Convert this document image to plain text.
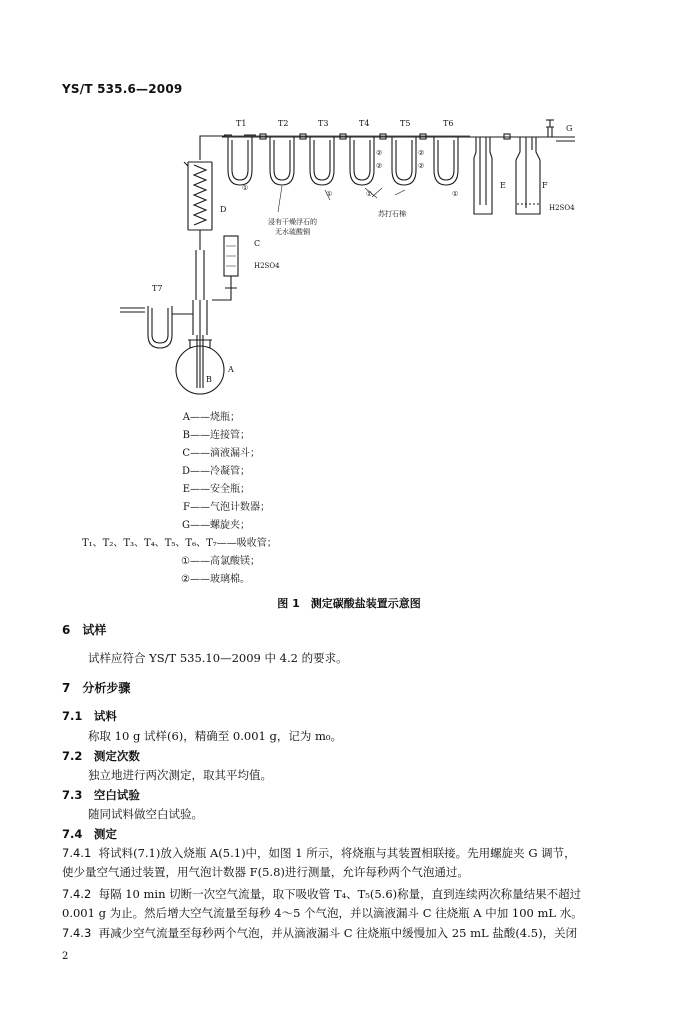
YS/T 535.6—2009
T1	T2	T3	T4	T5	T6
G
D
C
H2SO4
T7
A
B
E	F
H2SO4
浸有干燥浮石的
无水硫酸铜
苏打石棉
①
①	①	①
②
②
②
②
A——烧瓶；
B——连接管；
C——滴液漏斗；
D——冷凝管；
E——安全瓶；
F——气泡计数器；
G——螺旋夹；
T₁、T₂、T₃、T₄、T₅、T₆、T₇——吸收管；
①——高氯酸镁；
②——玻璃棉。
图 1　测定碳酸盐装置示意图
6　试样
试样应符合 YS/T 535.10—2009 中 4.2 的要求。
7　分析步骤
7.1　试料
称取 10 g 试样(6)，精确至 0.001 g，记为 m₀。
7.2　测定次数
独立地进行两次测定，取其平均值。
7.3　空白试验
随同试料做空白试验。
7.4　测定
7.4.1 将试料(7.1)放入烧瓶 A(5.1)中，如图 1 所示，将烧瓶与其装置相联接。先用螺旋夹 G 调节，
使少量空气通过装置，用气泡计数器 F(5.8)进行测量，允许每秒两个气泡通过。
7.4.2 每隔 10 min 切断一次空气流量，取下吸收管 T₄、T₅(5.6)称量，直到连续两次称量结果不超过
0.001 g 为止。然后增大空气流量至每秒 4～5 个气泡，并以滴液漏斗 C 往烧瓶 A 中加 100 mL 水。
7.4.3 再减少空气流量至每秒两个气泡，并从滴液漏斗 C 往烧瓶中缓慢加入 25 mL 盐酸(4.5)，关闭
2
